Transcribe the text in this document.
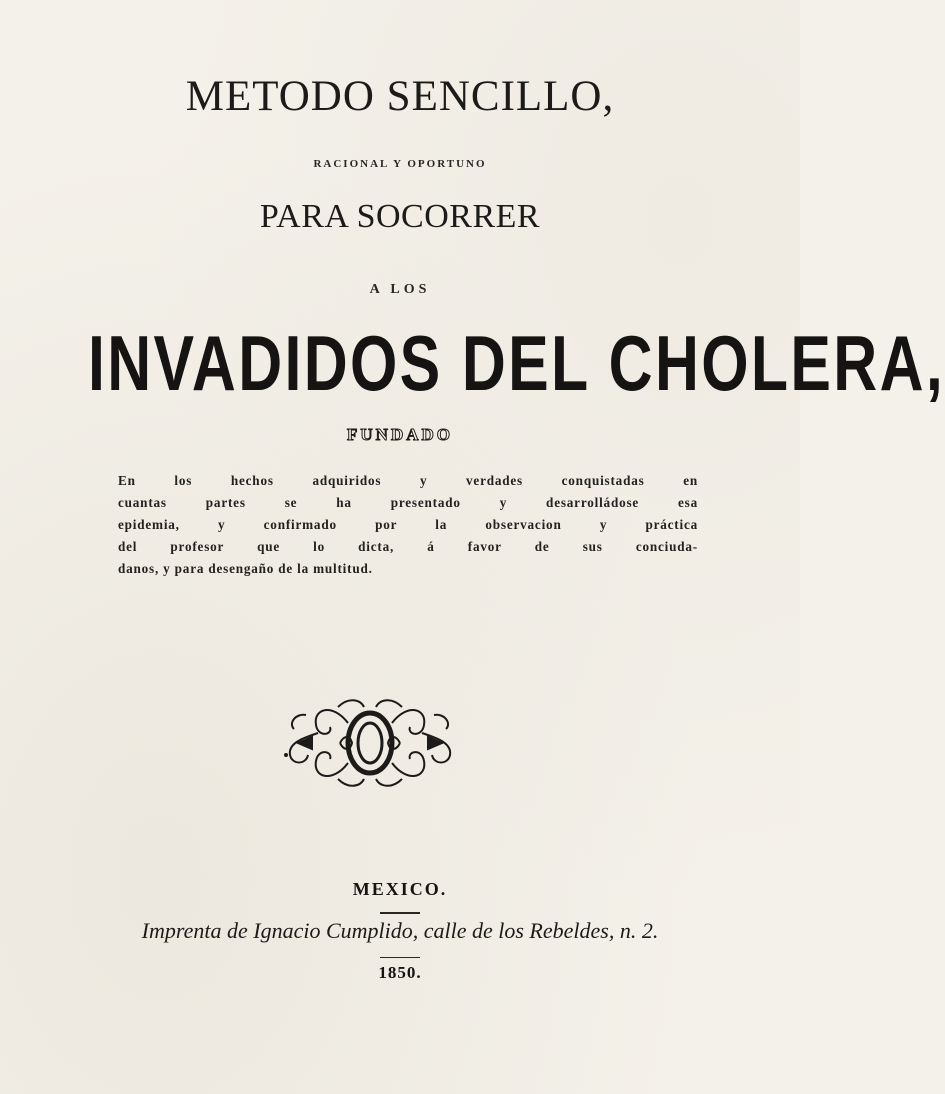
METODO SENCILLO,
RACIONAL Y OPORTUNO
PARA SOCORRER
A LOS
INVADIDOS DEL CHOLERA,
FUNDADO
En los hechos adquiridos y verdades conquistadas en
cuantas partes se ha presentado y desarrolládose esa
epidemia, y confirmado por la observacion y práctica
del profesor que lo dicta, á favor de sus conciuda-
danos, y para desengaño de la multitud.
MEXICO.
Imprenta de Ignacio Cumplido, calle de los Rebeldes, n. 2.
1850.
